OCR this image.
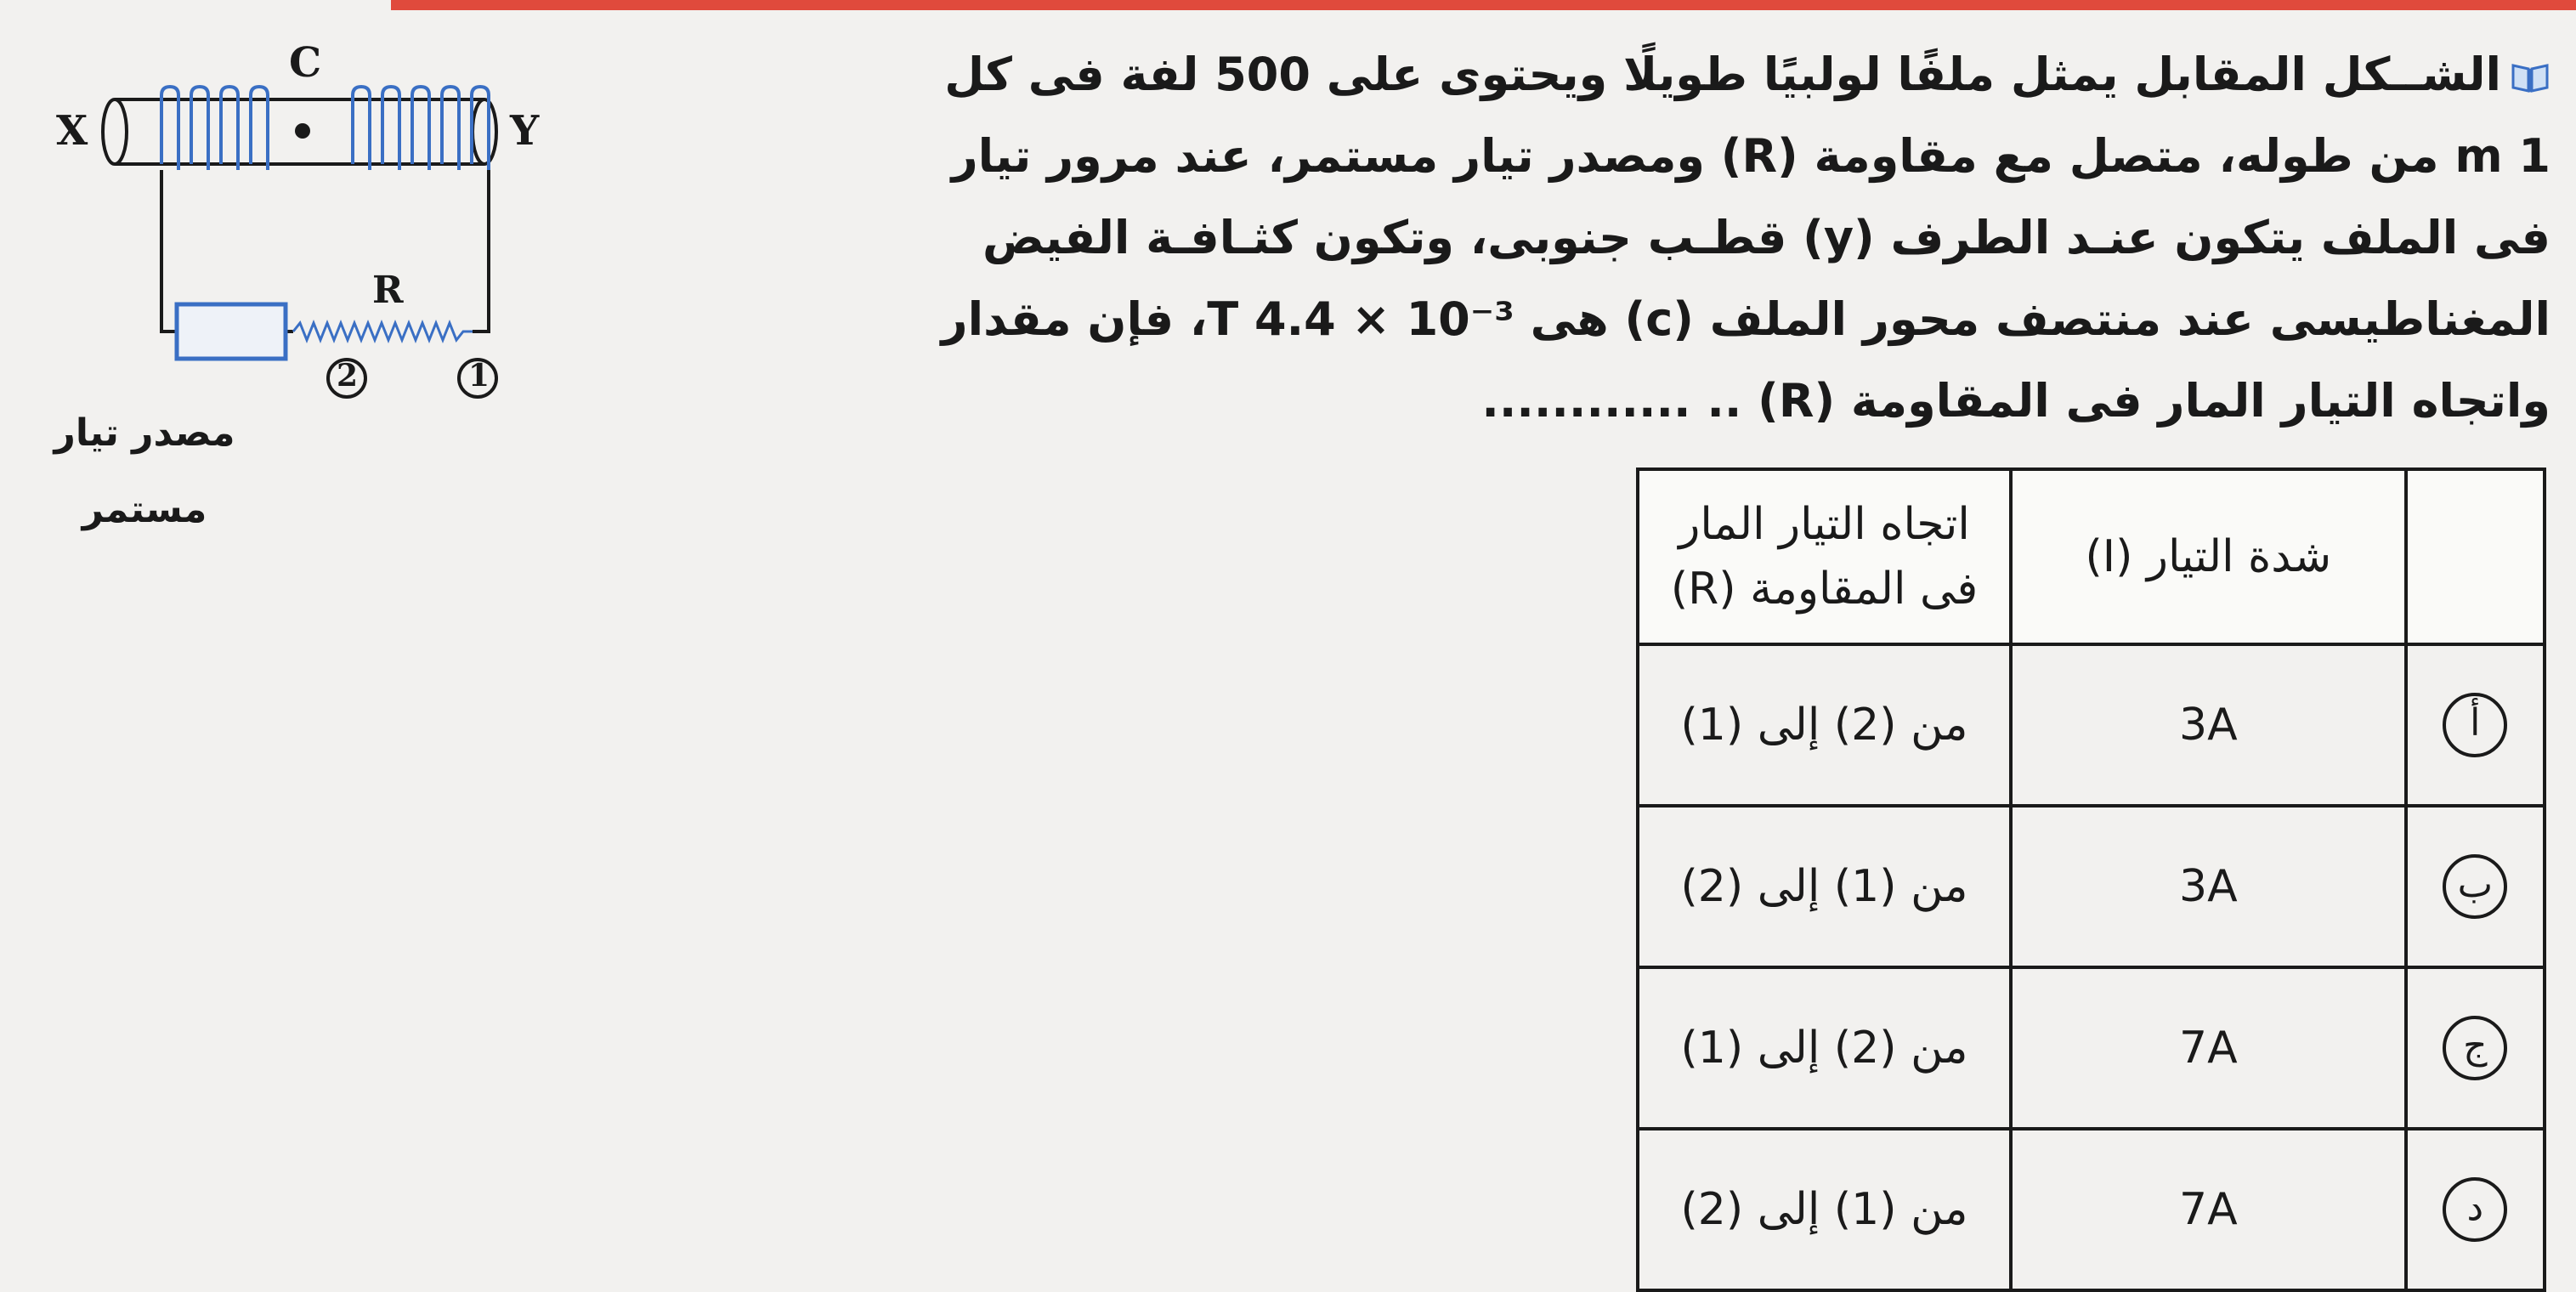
الشــكل المقابل يمثل ملفًا لولبيًا طويلًا ويحتوى على 500 لفة فى كل
1 m من طوله، متصل مع مقاومة (R) ومصدر تيار مستمر، عند مرور تيار
فى الملف يتكون عنـد الطرف (y) قطـب جنوبى، وتكون كثـافـة الفيض
المغناطيسى عند منتصف محور الملف (c) هى T ‎4.4 × 10⁻³‎، فإن مقدار
واتجاه التيار المار فى المقاومة (R) .. ............
	شدة التيار (I)	اتجاه التيار المار
فى المقاومة (R)
أ	3A	من (2) إلى (1)
ب	3A	من (1) إلى (2)
ج	7A	من (2) إلى (1)
د	7A	من (1) إلى (2)
C
X	Y
R
2	1
مصدر تيار
مستمر
